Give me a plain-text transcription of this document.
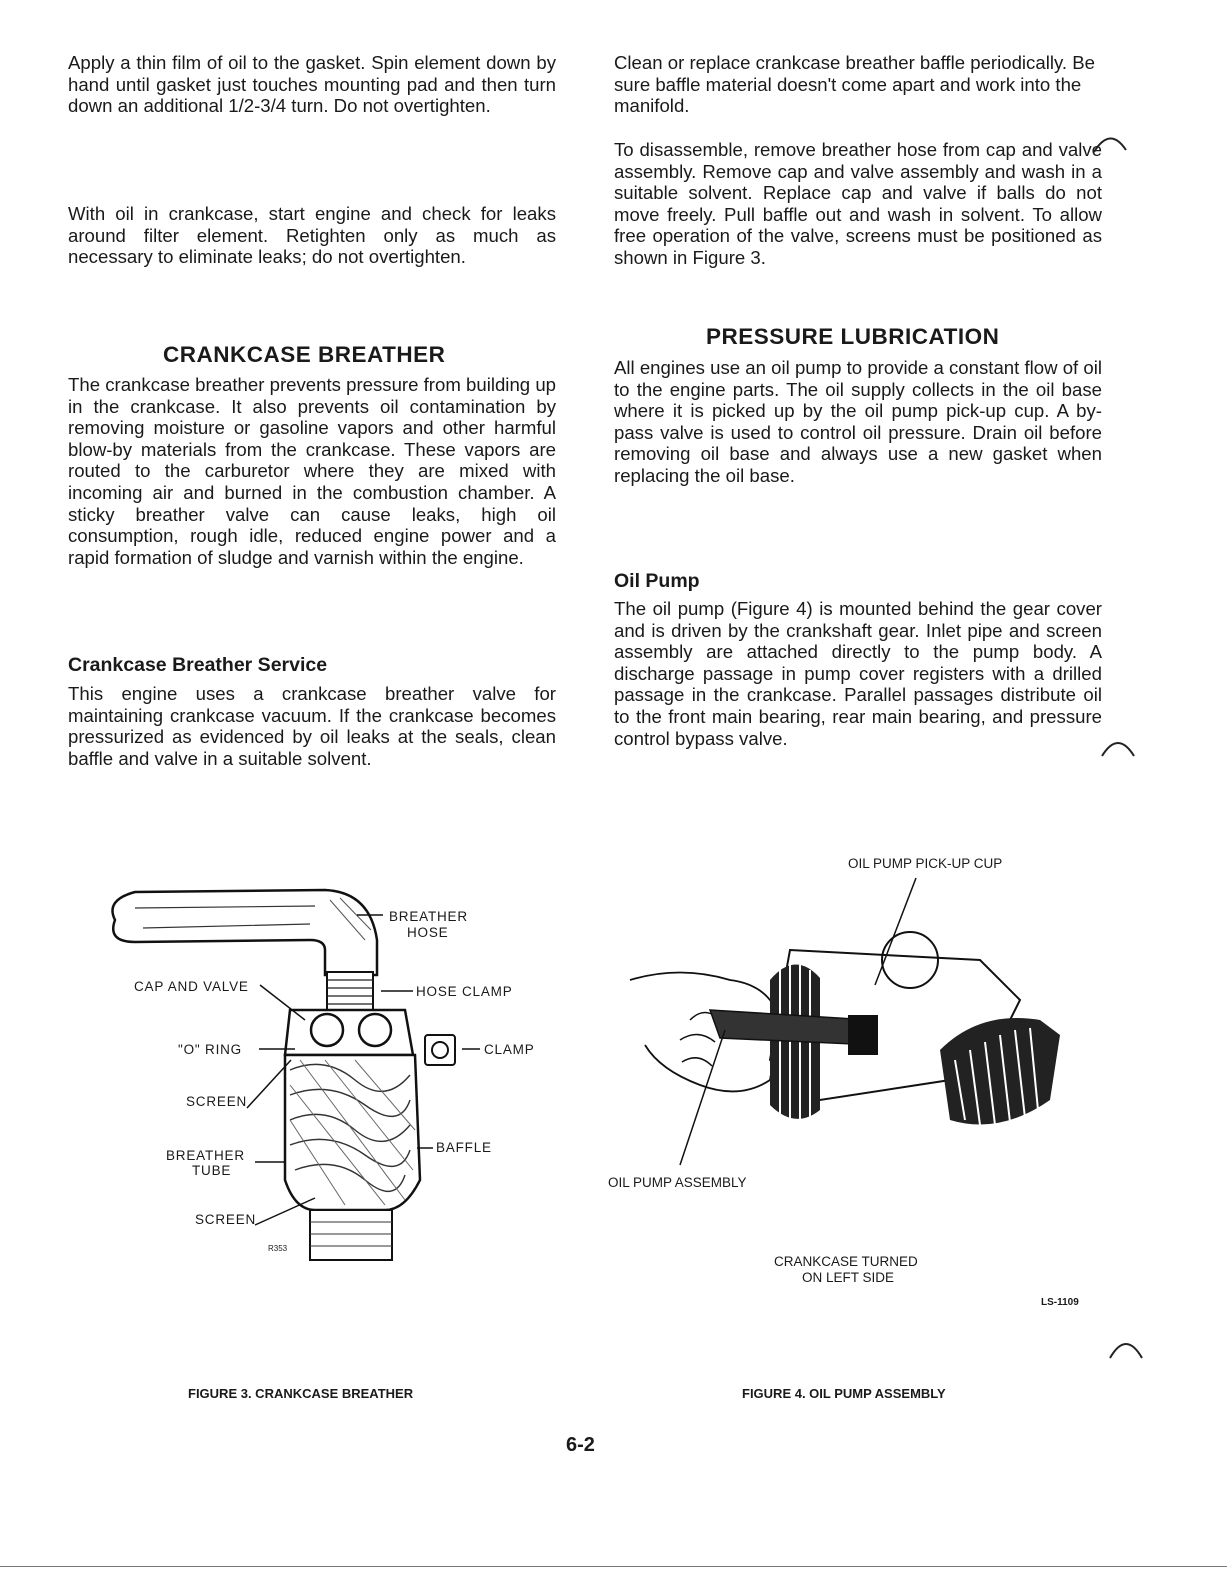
Apply a thin film of oil to the gasket. Spin element down by hand until gasket just touches mounting pad and then turn down an additional 1/2-3/4 turn. Do not overtighten.

With oil in crankcase, start engine and check for leaks around filter element. Retighten only as much as necessary to eliminate leaks; do not overtighten.

CRANKCASE BREATHER

The crankcase breather prevents pressure from building up in the crankcase. It also prevents oil contamination by removing moisture or gasoline vapors and other harmful blow-by materials from the crankcase. These vapors are routed to the carburetor where they are mixed with incoming air and burned in the combustion chamber. A sticky breather valve can cause leaks, high oil consumption, rough idle, reduced engine power and a rapid formation of sludge and varnish within the engine.

Crankcase Breather Service

This engine uses a crankcase breather valve for maintaining crankcase vacuum. If the crankcase becomes pressurized as evidenced by oil leaks at the seals, clean baffle and valve in a suitable solvent.

Clean or replace crankcase breather baffle periodically. Be sure baffle material doesn't come apart and work into the manifold.

To disassemble, remove breather hose from cap and valve assembly. Remove cap and valve assembly and wash in a suitable solvent. Replace cap and valve if balls do not move freely. Pull baffle out and wash in solvent. To allow free operation of the valve, screens must be positioned as shown in Figure 3.

PRESSURE LUBRICATION

All engines use an oil pump to provide a constant flow of oil to the engine parts. The oil supply collects in the oil base where it is picked up by the oil pump pick-up cup. A by-pass valve is used to control oil pressure. Drain oil before removing oil base and always use a new gasket when replacing the oil base.

Oil Pump

The oil pump (Figure 4) is mounted behind the gear cover and is driven by the crankshaft gear. Inlet pipe and screen assembly are attached directly to the pump body. A discharge passage in pump cover registers with a drilled passage in the crankcase. Parallel passages distribute oil to the front main bearing, rear main bearing, and pressure control bypass valve.

BREATHER
HOSE
HOSE CLAMP
CAP AND VALVE
"O" RING	CLAMP
SCREEN
BREATHER
TUBE
BAFFLE
SCREEN
R353
FIGURE 3. CRANKCASE BREATHER
OIL PUMP PICK-UP CUP
OIL PUMP ASSEMBLY
CRANKCASE TURNED
ON LEFT SIDE
LS-1109
FIGURE 4. OIL PUMP ASSEMBLY
6-2
